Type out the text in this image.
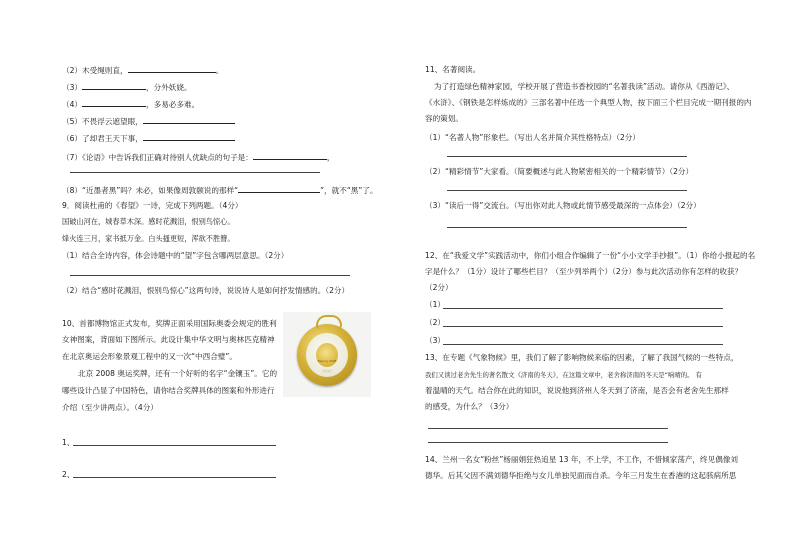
（2）木受绳则直，	。
（3）	，分外妖娆。
（4）	，多易必多难。
（5）不畏浮云遮望眼，
（6）了却君王天下事，
（7）《论语》中告诉我们正确对待别人优缺点的句子是：	，
（8）“近墨者黑”吗？未必，如果像周敦颐说的那样“	”，就不“黑”了。
9．阅读杜甫的《春望》一诗，完成下列两题。（4分）
国破山河在，城春草木深。感时花溅泪，恨别鸟惊心。
烽火连三月，家书抵万金。白头搔更短，浑欲不胜簪。
（1）结合全诗内容，体会诗题中的“望”字包含哪两层意思。（2分）
（2）结合“感时花溅泪，恨别鸟惊心”这两句诗，说说诗人是如何抒发情感的。（2分）
10、首都博物馆正式发布，奖牌正面采用国际奥委会规定的胜利
女神图案，背面如下图所示。此设计集中华文明与奥林匹克精神
在北京奥运会形象景观工程中的又一次“中西合璧”。
北京 2008 奥运奖牌，还有一个好听的名字“金镶玉”。它的
哪些设计凸显了中国特色，请你结合奖牌具体的图案和外形进行
介绍（至少讲两点）。（4分）
Beijing 2008
○○○
1、
2、
11、名著阅读。
为了打造绿色精神家园，学校开展了营造书香校园的“名著我读”活动。请你从《西游记》、
《水浒》、《钢铁是怎样炼成的》三部名著中任选一个典型人物，按下面三个栏目完成一期刊报的内
容的策划。
（1）“名著人物”形象栏。（写出人名并简介其性格特点）（2分）
（2）“精彩情节”大家看。（简要概述与此人物紧密相关的一个精彩情节）（2分）
（3）“读后一得”交流台。（写出你对此人物或此情节感受最深的一点体会）（2分）
12、在“我爱文学”实践活动中，你们小组合作编辑了一份“小小文学手抄报”。（1）你给小报起的名
字是什么？（1分）设计了哪些栏目？（至少列举两个）（2分）参与此次活动你有怎样的收获？
（2分）
（1）
（2）
（3）
13、在专题《气象物候》里，我们了解了影响物候来临的因素，了解了我国气候的一些特点，
我们又读过老舍先生的著名散文《济南的冬天》，在这篇文章中，老舍称济南的冬天是“响晴的。 有
着温晴的天气。结合你在此的知识，说说他到济州人冬天到了济南，是否会有老舍先生那样
的感受，为什么？（3分）
14、兰州一名女“粉丝”杨丽娟狂热追星 13 年，不上学，不工作，不惜倾家荡产，终见偶像刘
德华。后其父因不满刘德华拒绝与女儿单独见面而自杀。今年三月发生在香港的这起骇病所思
